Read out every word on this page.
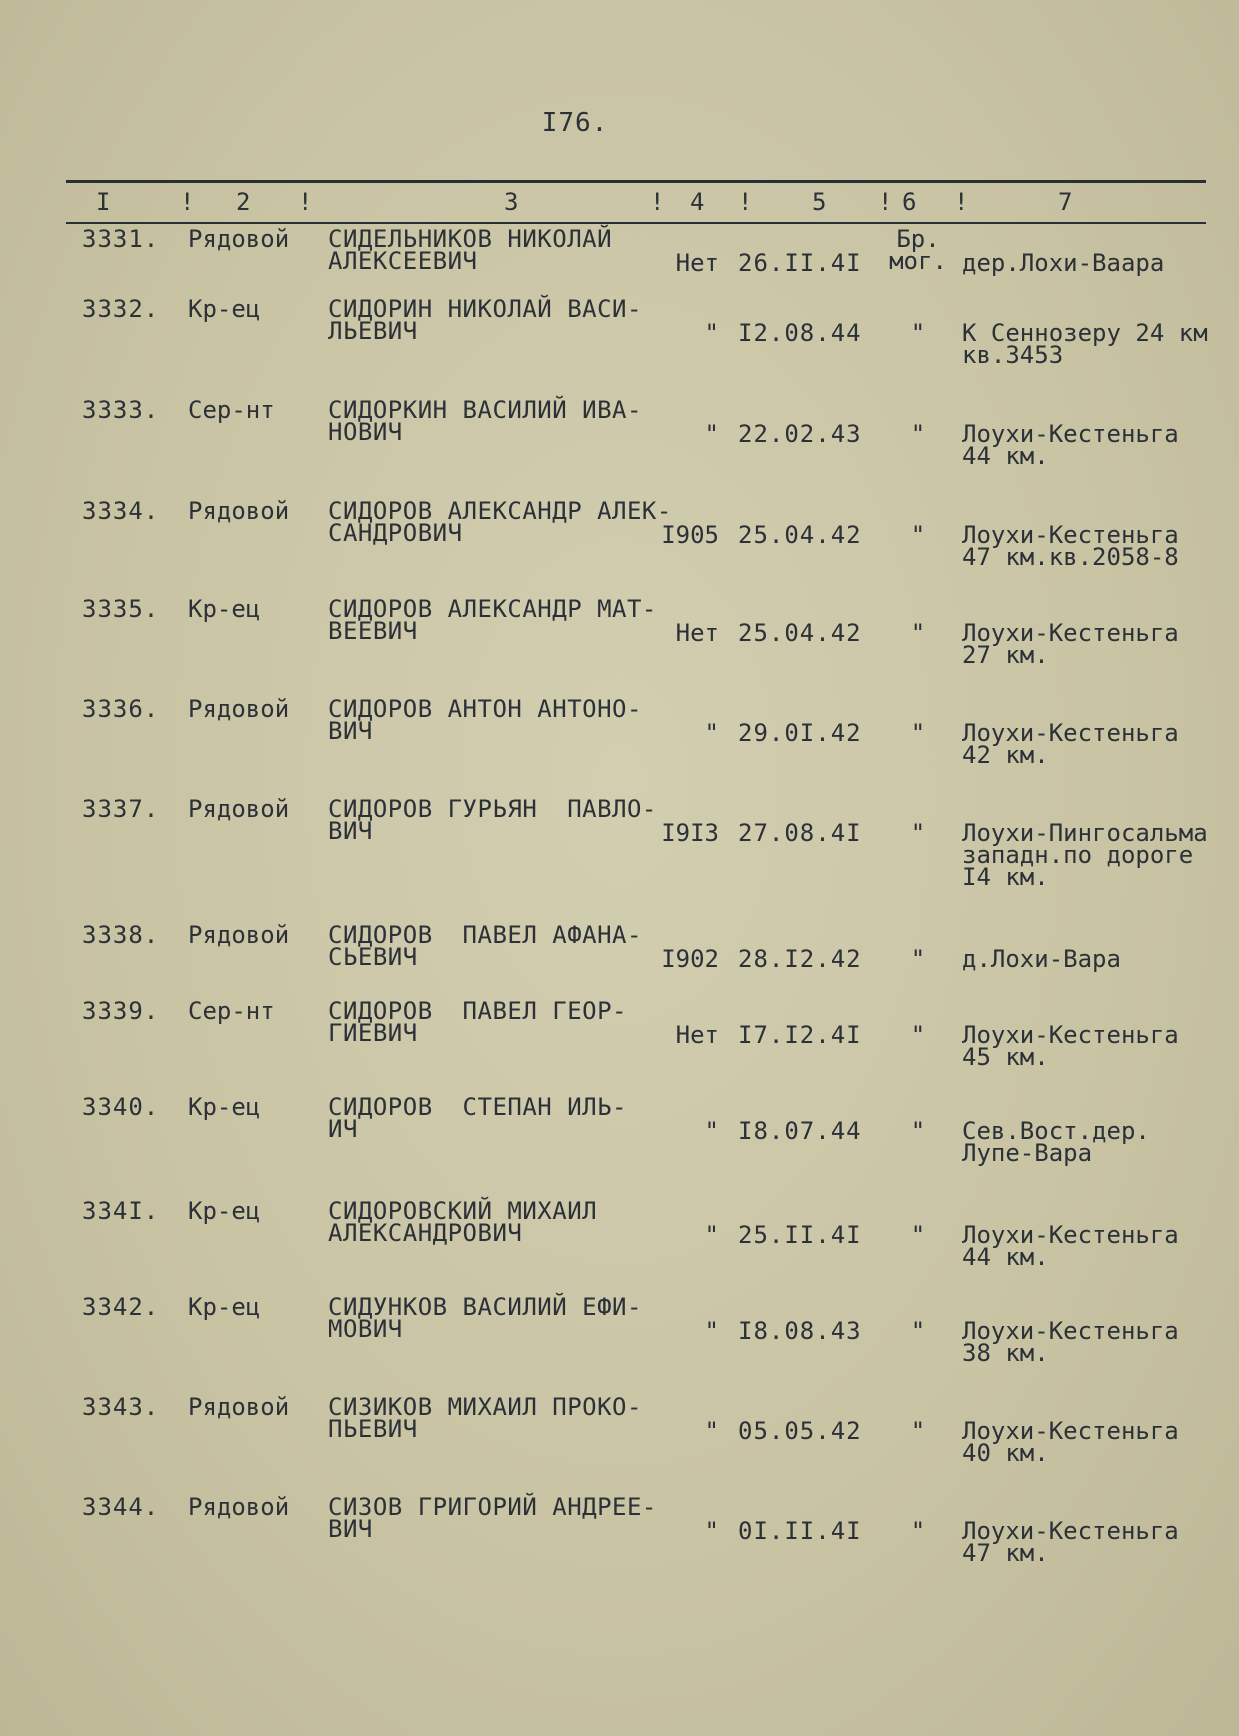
I76.
I	! 2 !	3	! 4 ! 5 ! 6 !	7
3331. Рядовой СИДЕЛЬНИКОВ НИКОЛАЙ
АЛЕКСЕЕВИЧ	Нет 26.II.4I
Бр.
мог. дер.Лохи-Ваара
3332. Кр-ец	СИДОРИН НИКОЛАЙ ВАСИ-
ЛЬЕВИЧ	" I2.08.44	"	К Сеннозеру 24 км
кв.3453
3333. Сер-нт СИДОРКИН ВАСИЛИЙ ИВА-
НОВИЧ	" 22.02.43	"	Лоухи-Кестеньга
44 км.
3334. Рядовой СИДОРОВ АЛЕКСАНДР АЛЕК-
САНДРОВИЧ	I905 25.04.42	"	Лоухи-Кестеньга
47 км.кв.2058-8
3335. Кр-ец	СИДОРОВ АЛЕКСАНДР МАТ-
ВЕЕВИЧ	Нет 25.04.42	"	Лоухи-Кестеньга
27 км.
3336. Рядовой СИДОРОВ АНТОН АНТОНО-
ВИЧ	" 29.0I.42	"	Лоухи-Кестеньга
42 км.
3337. Рядовой СИДОРОВ ГУРЬЯН  ПАВЛО-
ВИЧ	I9I3 27.08.4I	"	Лоухи-Пингосальма
западн.по дороге
I4 км.
3338. Рядовой СИДОРОВ  ПАВЕЛ АФАНА-
СЬЕВИЧ	I902 28.I2.42	"	д.Лохи-Вара
3339. Сер-нт СИДОРОВ  ПАВЕЛ ГЕОР-
ГИЕВИЧ	Нет I7.I2.4I	"	Лоухи-Кестеньга
45 км.
3340. Кр-ец	СИДОРОВ  СТЕПАН ИЛЬ-
ИЧ	" I8.07.44	"	Сев.Вост.дер.
Лупе-Вара
334I. Кр-ец	СИДОРОВСКИЙ МИХАИЛ
АЛЕКСАНДРОВИЧ	" 25.II.4I	"	Лоухи-Кестеньга
44 км.
3342. Кр-ец	СИДУНКОВ ВАСИЛИЙ ЕФИ-
МОВИЧ	" I8.08.43	"	Лоухи-Кестеньга
38 км.
3343. Рядовой СИЗИКОВ МИХАИЛ ПРОКО-
ПЬЕВИЧ	" 05.05.42	"	Лоухи-Кестеньга
40 км.
3344. Рядовой СИЗОВ ГРИГОРИЙ АНДРЕЕ-
ВИЧ	" 0I.II.4I	"	Лоухи-Кестеньга
47 км.
